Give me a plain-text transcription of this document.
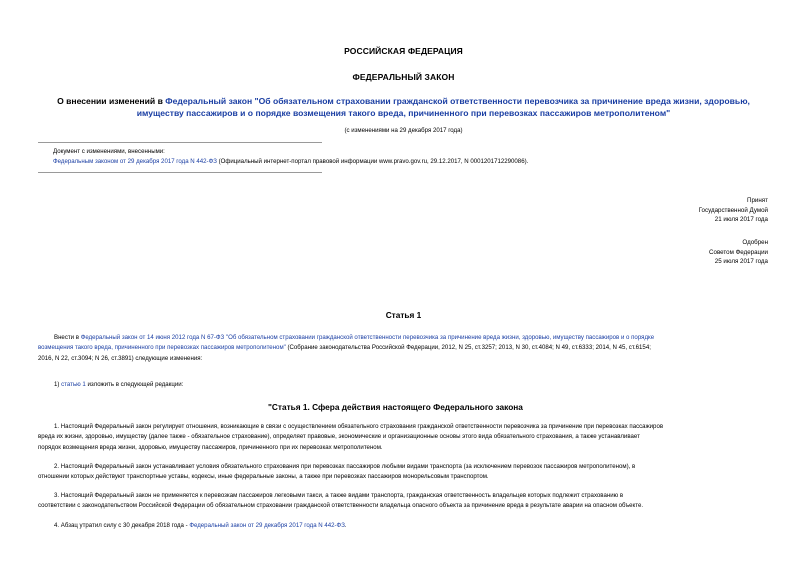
РОССИЙСКАЯ ФЕДЕРАЦИЯ
ФЕДЕРАЛЬНЫЙ ЗАКОН
О внесении изменений в Федеральный закон "Об обязательном страховании гражданской ответственности перевозчика за причинение вреда жизни, здоровью,
имуществу пассажиров и о порядке возмещения такого вреда, причиненного при перевозках пассажиров метрополитеном"
(с изменениями на 29 декабря 2017 года)
Документ с изменениями, внесенными:
Федеральным законом от 29 декабря 2017 года N 442-ФЗ (Официальный интернет-портал правовой информации www.pravo.gov.ru, 29.12.2017, N 0001201712290086).
Принят
Государственной Думой
21 июля 2017 года
Одобрен
Советом Федерации
25 июля 2017 года
Статья 1
Внести в Федеральный закон от 14 июня 2012 года N 67-ФЗ "Об обязательном страховании гражданской ответственности перевозчика за причинение вреда жизни, здоровью, имуществу пассажиров и о порядке
возмещения такого вреда, причиненного при перевозках пассажиров метрополитеном" (Собрание законодательства Российской Федерации, 2012, N 25, ст.3257; 2013, N 30, ст.4084; N 49, ст.6333; 2014, N 45, ст.6154;
2016, N 22, ст.3094; N 26, ст.3891) следующие изменения:
1) статью 1 изложить в следующей редакции:
"Статья 1. Сфера действия настоящего Федерального закона
1. Настоящий Федеральный закон регулирует отношения, возникающие в связи с осуществлением обязательного страхования гражданской ответственности перевозчика за причинение при перевозках пассажиров
вреда их жизни, здоровью, имуществу (далее также - обязательное страхование), определяет правовые, экономические и организационные основы этого вида обязательного страхования, а также устанавливает
порядок возмещения вреда жизни, здоровью, имуществу пассажиров, причиненного при их перевозках метрополитеном.
2. Настоящий Федеральный закон устанавливает условия обязательного страхования при перевозках пассажиров любыми видами транспорта (за исключением перевозок пассажиров метрополитеном), в
отношении которых действуют транспортные уставы, кодексы, иные федеральные законы, а также при перевозках пассажиров монорельсовым транспортом.
3. Настоящий Федеральный закон не применяется к перевозкам пассажиров легковыми такси, а также видами транспорта, гражданская ответственность владельцев которых подлежит страхованию в
соответствии с законодательством Российской Федерации об обязательном страховании гражданской ответственности владельца опасного объекта за причинение вреда в результате аварии на опасном объекте.
4. Абзац утратил силу с 30 декабря 2018 года - Федеральный закон от 29 декабря 2017 года N 442-ФЗ.
